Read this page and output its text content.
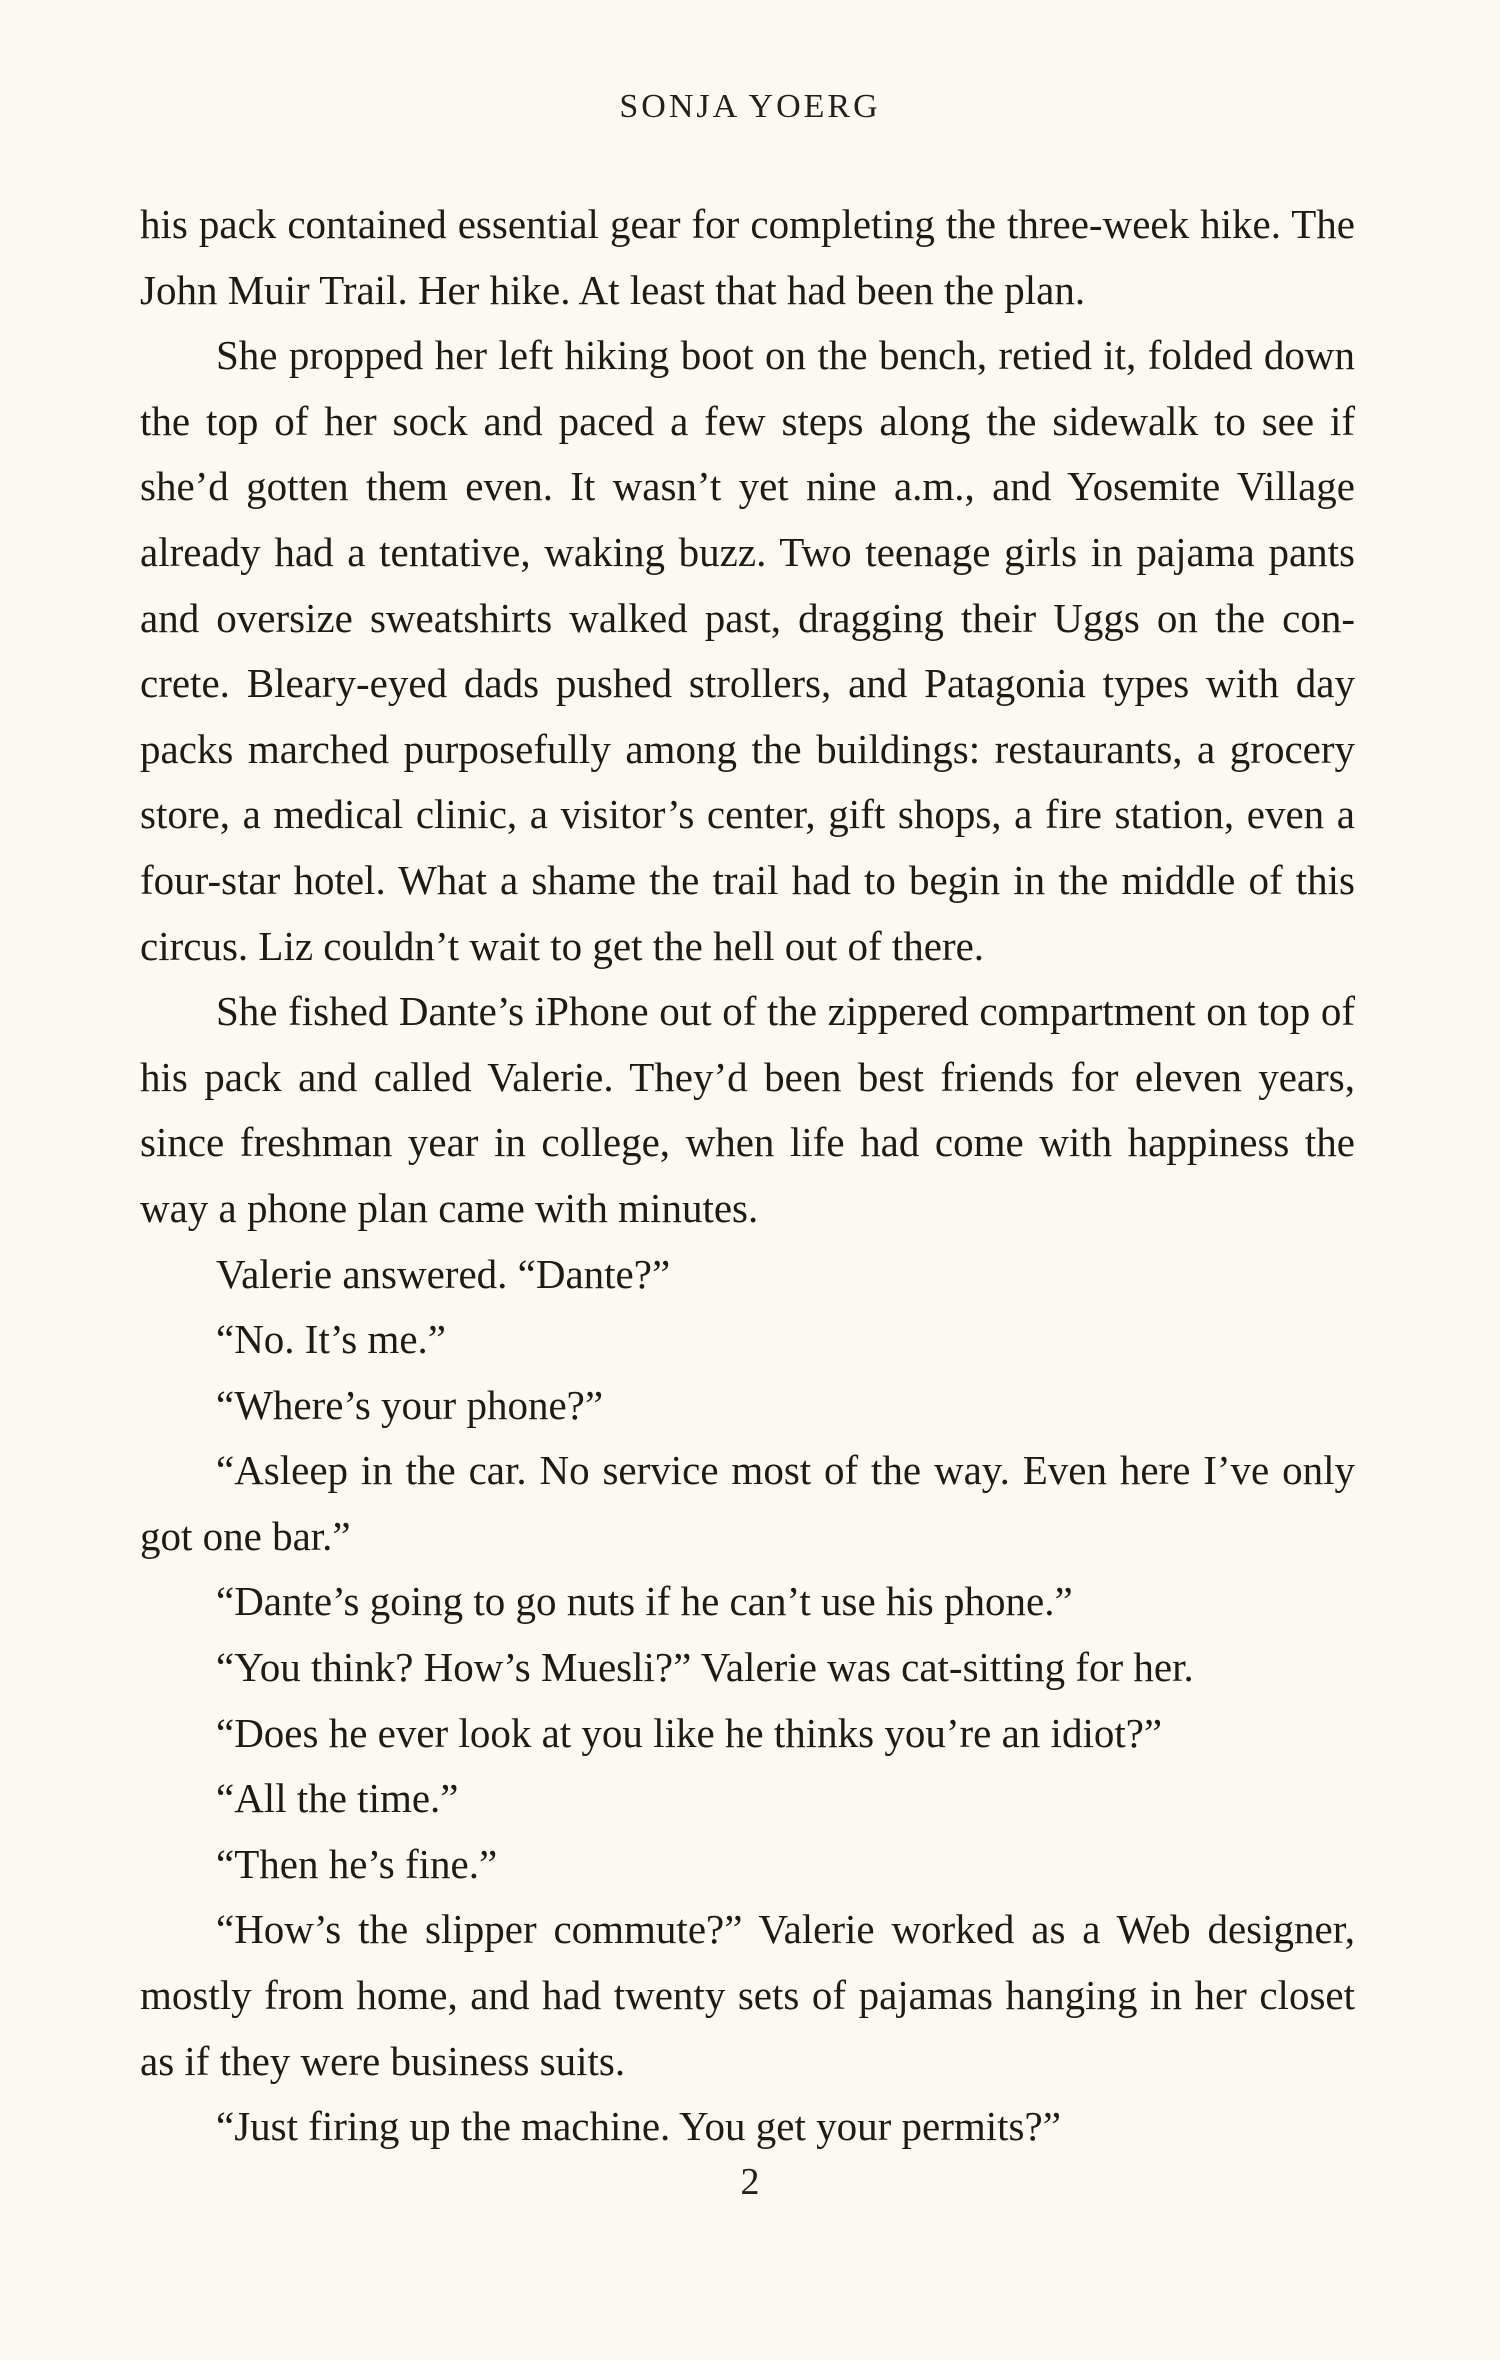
SONJA YOERG

his pack contained essential gear for completing the three-week hike. The John Muir Trail. Her hike. At least that had been the plan.

She propped her left hiking boot on the bench, retied it, folded down the top of her sock and paced a few steps along the sidewalk to see if she’d gotten them even. It wasn’t yet nine a.m., and Yosemite Village already had a tentative, waking buzz. Two teenage girls in pajama pants and oversize sweatshirts walked past, dragging their Uggs on the concrete. Bleary-eyed dads pushed strollers, and Patagonia types with day packs marched purposefully among the buildings: restaurants, a grocery store, a medical clinic, a visitor’s center, gift shops, a fire station, even a four-star hotel. What a shame the trail had to begin in the middle of this circus. Liz couldn’t wait to get the hell out of there.

She fished Dante’s iPhone out of the zippered compartment on top of his pack and called Valerie. They’d been best friends for eleven years, since freshman year in college, when life had come with happiness the way a phone plan came with minutes.

Valerie answered. “Dante?”

“No. It’s me.”

“Where’s your phone?”

“Asleep in the car. No service most of the way. Even here I’ve only got one bar.”

“Dante’s going to go nuts if he can’t use his phone.”

“You think? How’s Muesli?” Valerie was cat-sitting for her.

“Does he ever look at you like he thinks you’re an idiot?”

“All the time.”

“Then he’s fine.”

“How’s the slipper commute?” Valerie worked as a Web designer, mostly from home, and had twenty sets of pajamas hanging in her closet as if they were business suits.

“Just firing up the machine. You get your permits?”

2
